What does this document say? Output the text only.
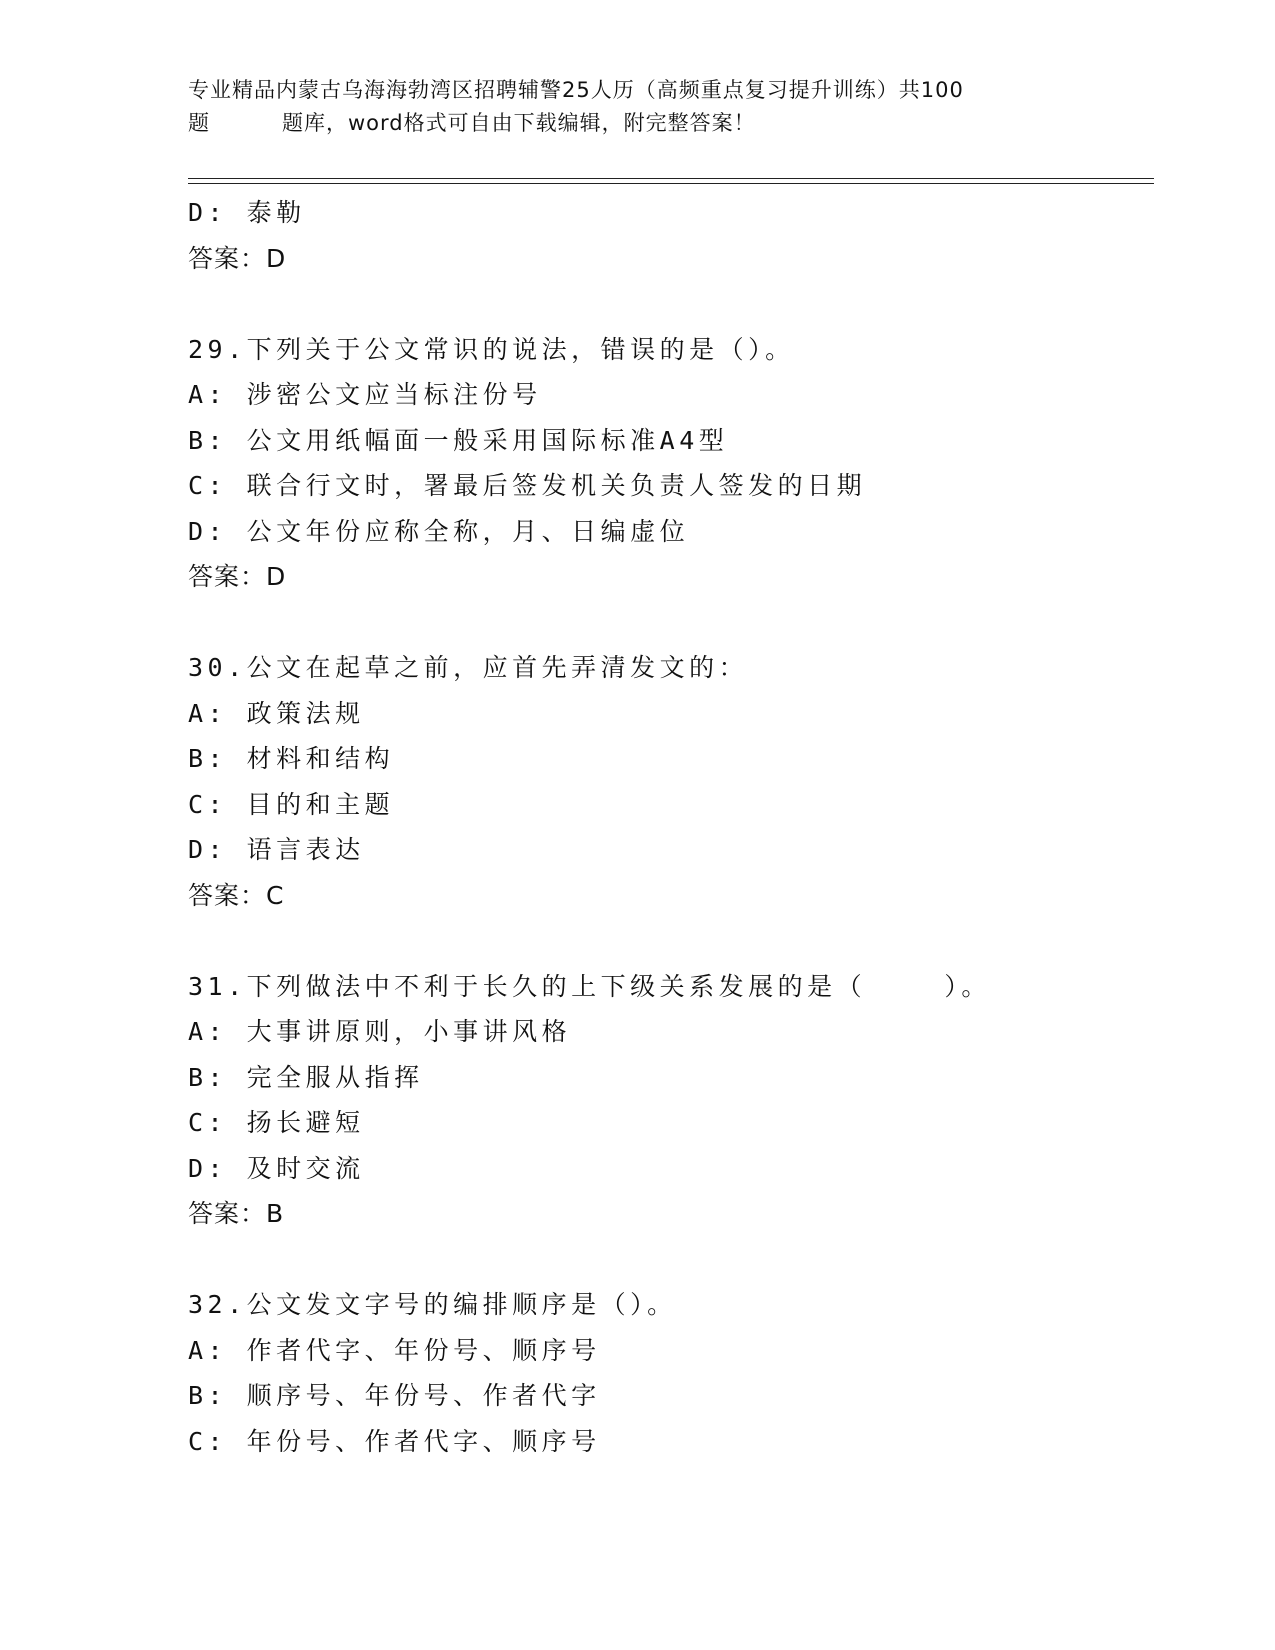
专业精品内蒙古乌海海勃湾区招聘辅警25人历（高频重点复习提升训练）共100
题	题库，word格式可自由下载编辑，附完整答案！
D: 泰勒
答案：D
29.下列关于公文常识的说法，错误的是（）。
A: 涉密公文应当标注份号
B: 公文用纸幅面一般采用国际标准A4型
C: 联合行文时，署最后签发机关负责人签发的日期
D: 公文年份应称全称，月、日编虚位
答案：D
30.公文在起草之前，应首先弄清发文的：
A: 政策法规
B: 材料和结构
C: 目的和主题
D: 语言表达
答案：C
31.下列做法中不利于长久的上下级关系发展的是（    ）。
A: 大事讲原则，小事讲风格
B: 完全服从指挥
C: 扬长避短
D: 及时交流
答案：B
32.公文发文字号的编排顺序是（）。
A: 作者代字、年份号、顺序号
B: 顺序号、年份号、作者代字
C: 年份号、作者代字、顺序号
